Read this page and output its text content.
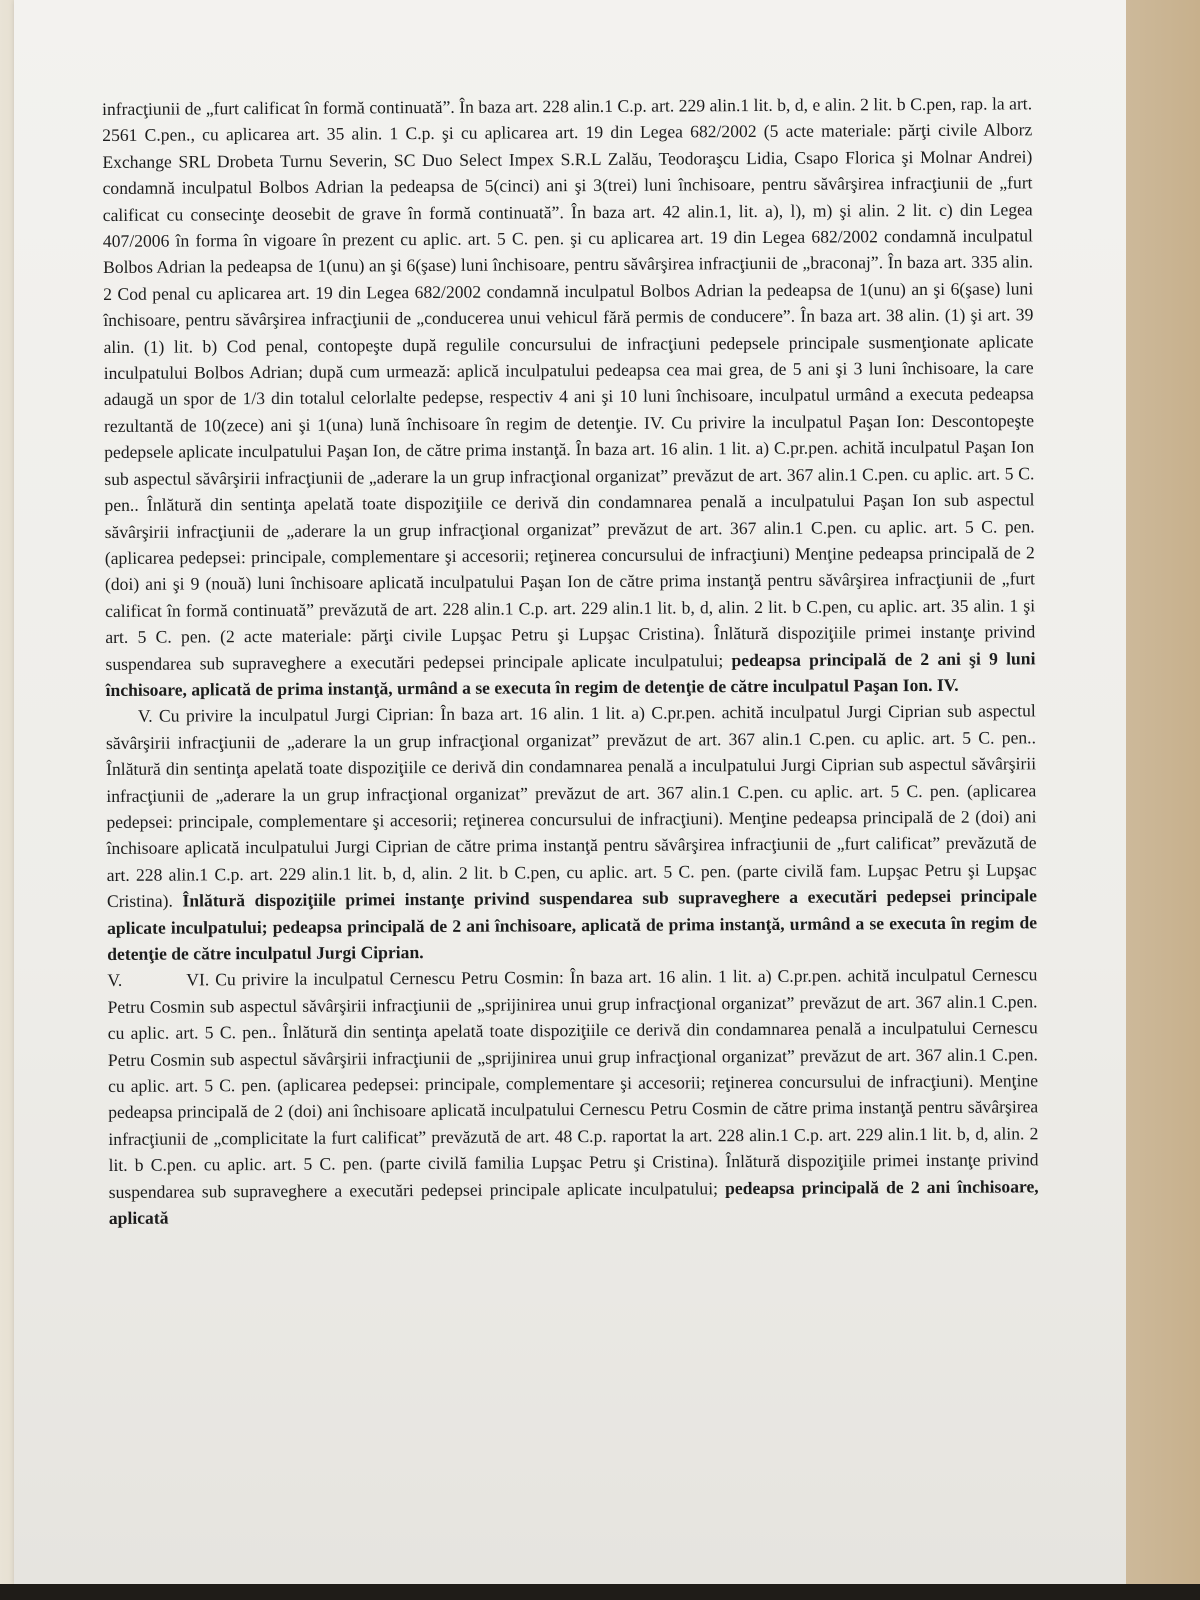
infracţiunii de „furt calificat în formă continuată”. În baza art. 228 alin.1 C.p. art. 229 alin.1 lit. b, d, e alin. 2 lit. b C.pen, rap. la art. 2561 C.pen., cu aplicarea art. 35 alin. 1 C.p. şi cu aplicarea art. 19 din Legea 682/2002 (5 acte materiale: părţi civile Alborz Exchange SRL Drobeta Turnu Severin, SC Duo Select Impex S.R.L Zalău, Teodoraşcu Lidia, Csapo Florica şi Molnar Andrei) condamnă inculpatul Bolbos Adrian la pedeapsa de 5(cinci) ani şi 3(trei) luni închisoare, pentru săvârşirea infracţiunii de „furt calificat cu consecinţe deosebit de grave în formă continuată”. În baza art. 42 alin.1, lit. a), l), m) şi alin. 2 lit. c) din Legea 407/2006 în forma în vigoare în prezent cu aplic. art. 5 C. pen. şi cu aplicarea art. 19 din Legea 682/2002 condamnă inculpatul Bolbos Adrian la pedeapsa de 1(unu) an şi 6(şase) luni închisoare, pentru săvârşirea infracţiunii de „braconaj”. În baza art. 335 alin. 2 Cod penal cu aplicarea art. 19 din Legea 682/2002 condamnă inculpatul Bolbos Adrian la pedeapsa de 1(unu) an şi 6(şase) luni închisoare, pentru săvârşirea infracţiunii de „conducerea unui vehicul fără permis de conducere”. În baza art. 38 alin. (1) şi art. 39 alin. (1) lit. b) Cod penal, contopeşte după regulile concursului de infracţiuni pedepsele principale susmenţionate aplicate inculpatului Bolbos Adrian; după cum urmează: aplică inculpatului pedeapsa cea mai grea, de 5 ani şi 3 luni închisoare, la care adaugă un spor de 1/3 din totalul celorlalte pedepse, respectiv 4 ani şi 10 luni închisoare, inculpatul urmând a executa pedeapsa rezultantă de 10(zece) ani şi 1(una) lună închisoare în regim de detenţie. IV. Cu privire la inculpatul Paşan Ion: Descontopeşte pedepsele aplicate inculpatului Paşan Ion, de către prima instanţă. În baza art. 16 alin. 1 lit. a) C.pr.pen. achită inculpatul Paşan Ion sub aspectul săvârşirii infracţiunii de „aderare la un grup infracţional organizat” prevăzut de art. 367 alin.1 C.pen. cu aplic. art. 5 C. pen.. Înlătură din sentinţa apelată toate dispoziţiile ce derivă din condamnarea penală a inculpatului Paşan Ion sub aspectul săvârşirii infracţiunii de „aderare la un grup infracţional organizat” prevăzut de art. 367 alin.1 C.pen. cu aplic. art. 5 C. pen. (aplicarea pedepsei: principale, complementare şi accesorii; reţinerea concursului de infracţiuni) Menţine pedeapsa principală de 2 (doi) ani şi 9 (nouă) luni închisoare aplicată inculpatului Paşan Ion de către prima instanţă pentru săvârşirea infracţiunii de „furt calificat în formă continuată” prevăzută de art. 228 alin.1 C.p. art. 229 alin.1 lit. b, d, alin. 2 lit. b C.pen, cu aplic. art. 35 alin. 1 şi art. 5 C. pen. (2 acte materiale: părţi civile Lupşac Petru şi Lupşac Cristina). Înlătură dispoziţiile primei instanţe privind suspendarea sub supraveghere a executări pedepsei principale aplicate inculpatului; pedeapsa principală de 2 ani şi 9 luni închisoare, aplicată de prima instanţă, urmând a se executa în regim de detenţie de către inculpatul Paşan Ion. IV.

V. Cu privire la inculpatul Jurgi Ciprian: În baza art. 16 alin. 1 lit. a) C.pr.pen. achită inculpatul Jurgi Ciprian sub aspectul săvârşirii infracţiunii de „aderare la un grup infracţional organizat” prevăzut de art. 367 alin.1 C.pen. cu aplic. art. 5 C. pen.. Înlătură din sentinţa apelată toate dispoziţiile ce derivă din condamnarea penală a inculpatului Jurgi Ciprian sub aspectul săvârşirii infracţiunii de „aderare la un grup infracţional organizat” prevăzut de art. 367 alin.1 C.pen. cu aplic. art. 5 C. pen. (aplicarea pedepsei: principale, complementare şi accesorii; reţinerea concursului de infracţiuni). Menţine pedeapsa principală de 2 (doi) ani închisoare aplicată inculpatului Jurgi Ciprian de către prima instanţă pentru săvârşirea infracţiunii de „furt calificat” prevăzută de art. 228 alin.1 C.p. art. 229 alin.1 lit. b, d, alin. 2 lit. b C.pen, cu aplic. art. 5 C. pen. (parte civilă fam. Lupşac Petru şi Lupşac Cristina). Înlătură dispoziţiile primei instanţe privind suspendarea sub supraveghere a executări pedepsei principale aplicate inculpatului; pedeapsa principală de 2 ani închisoare, aplicată de prima instanţă, urmând a se executa în regim de detenţie de către inculpatul Jurgi Ciprian.

V.	VI. Cu privire la inculpatul Cernescu Petru Cosmin: În baza art. 16 alin. 1 lit. a) C.pr.pen. achită inculpatul Cernescu Petru Cosmin sub aspectul săvârşirii infracţiunii de „sprijinirea unui grup infracţional organizat” prevăzut de art. 367 alin.1 C.pen. cu aplic. art. 5 C. pen.. Înlătură din sentinţa apelată toate dispoziţiile ce derivă din condamnarea penală a inculpatului Cernescu Petru Cosmin sub aspectul săvârşirii infracţiunii de „sprijinirea unui grup infracţional organizat” prevăzut de art. 367 alin.1 C.pen. cu aplic. art. 5 C. pen. (aplicarea pedepsei: principale, complementare şi accesorii; reţinerea concursului de infracţiuni). Menţine pedeapsa principală de 2 (doi) ani închisoare aplicată inculpatului Cernescu Petru Cosmin de către prima instanţă pentru săvârşirea infracţiunii de „complicitate la furt calificat” prevăzută de art. 48 C.p. raportat la art. 228 alin.1 C.p. art. 229 alin.1 lit. b, d, alin. 2 lit. b C.pen. cu aplic. art. 5 C. pen. (parte civilă familia Lupşac Petru şi Cristina). Înlătură dispoziţiile primei instanţe privind suspendarea sub supraveghere a executări pedepsei principale aplicate inculpatului; pedeapsa principală de 2 ani închisoare, aplicată
